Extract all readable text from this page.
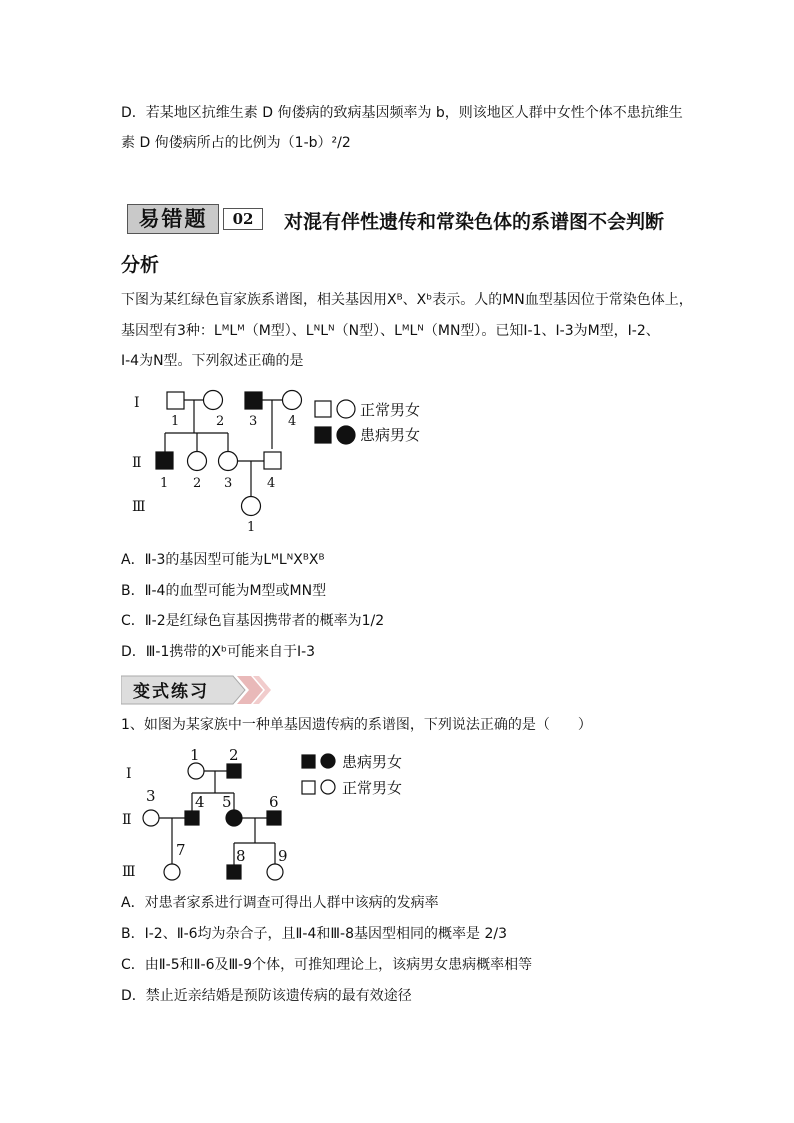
D．若某地区抗维生素 D 佝偻病的致病基因频率为 b，则该地区人群中女性个体不患抗维生
素 D 佝偻病所占的比例为（1-b）²/2
易错题	02	对混有伴性遗传和常染色体的系谱图不会判断
分析
下图为某红绿色盲家族系谱图，相关基因用Xᴮ、Xᵇ表示。人的MN血型基因位于常染色体上，
基因型有3种：LᴹLᴹ（M型）、LᴺLᴺ（N型）、LᴹLᴺ（MN型）。已知I-1、I-3为M型，I-2、
I-4为N型。下列叙述正确的是
I
Ⅱ
Ⅲ
1	2 3 4
1 2 3	4
1
正常男女
患病男女
A．Ⅱ-3的基因型可能为LᴹLᴺXᴮXᴮ
B．Ⅱ-4的血型可能为M型或MN型
C．Ⅱ-2是红绿色盲基因携带者的概率为1/2
D．Ⅲ-1携带的Xᵇ可能来自于I-3
变式练习
1、如图为某家族中一种单基因遗传病的系谱图，下列说法正确的是（　　）
I
Ⅱ
Ⅲ
1 2
3	4 5 6
7	8 9
患病男女
正常男女
A．对患者家系进行调查可得出人群中该病的发病率
B．I-2、Ⅱ-6均为杂合子，且Ⅱ-4和Ⅲ-8基因型相同的概率是 2/3
C．由Ⅱ-5和Ⅱ-6及Ⅲ-9个体，可推知理论上，该病男女患病概率相等
D．禁止近亲结婚是预防该遗传病的最有效途径
